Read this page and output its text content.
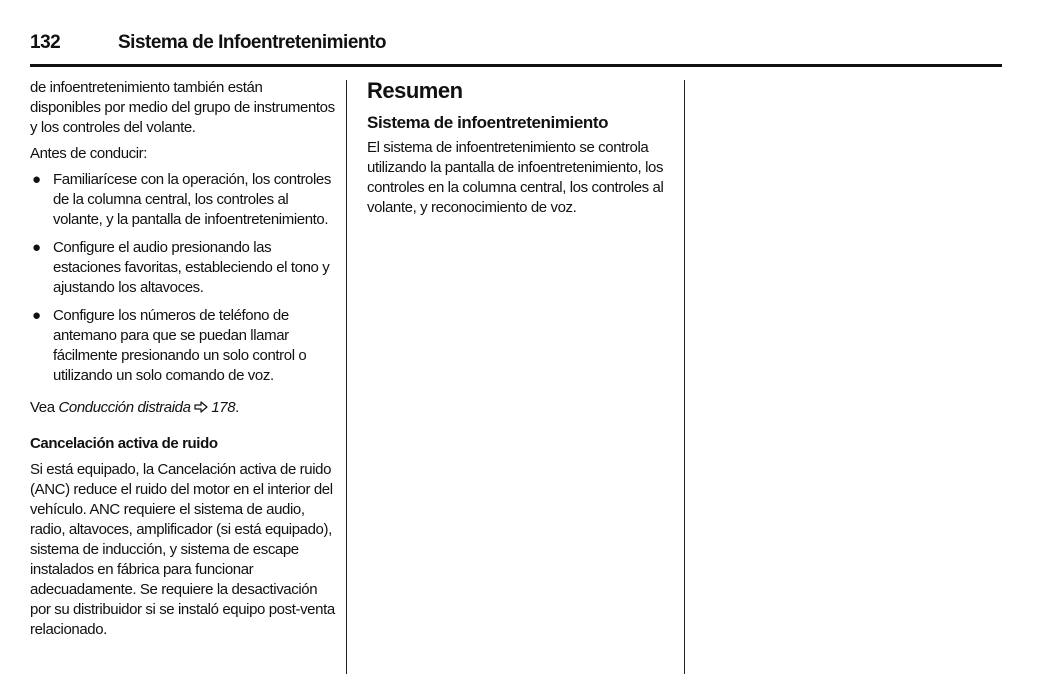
132	Sistema de Infoentretenimiento

de infoentretenimiento también están disponibles por medio del grupo de instrumentos y los controles del volante.

Antes de conducir:

● Familiarícese con la operación, los controles de la columna central, los controles al volante, y la pantalla de infoentretenimiento.
● Configure el audio presionando las estaciones favoritas, estableciendo el tono y ajustando los altavoces.
● Configure los números de teléfono de antemano para que se puedan llamar fácilmente presionando un solo control o utilizando un solo comando de voz.

Vea Conducción distraida 178.

Cancelación activa de ruido

Si está equipado, la Cancelación activa de ruido (ANC) reduce el ruido del motor en el interior del vehículo. ANC requiere el sistema de audio, radio, altavoces, amplificador (si está equipado), sistema de inducción, y sistema de escape instalados en fábrica para funcionar adecuadamente. Se requiere la desactivación por su distribuidor si se instaló equipo post-venta relacionado.

Resumen

Sistema de infoentretenimiento

El sistema de infoentretenimiento se controla utilizando la pantalla de infoentretenimiento, los controles en la columna central, los controles al volante, y reconocimiento de voz.
